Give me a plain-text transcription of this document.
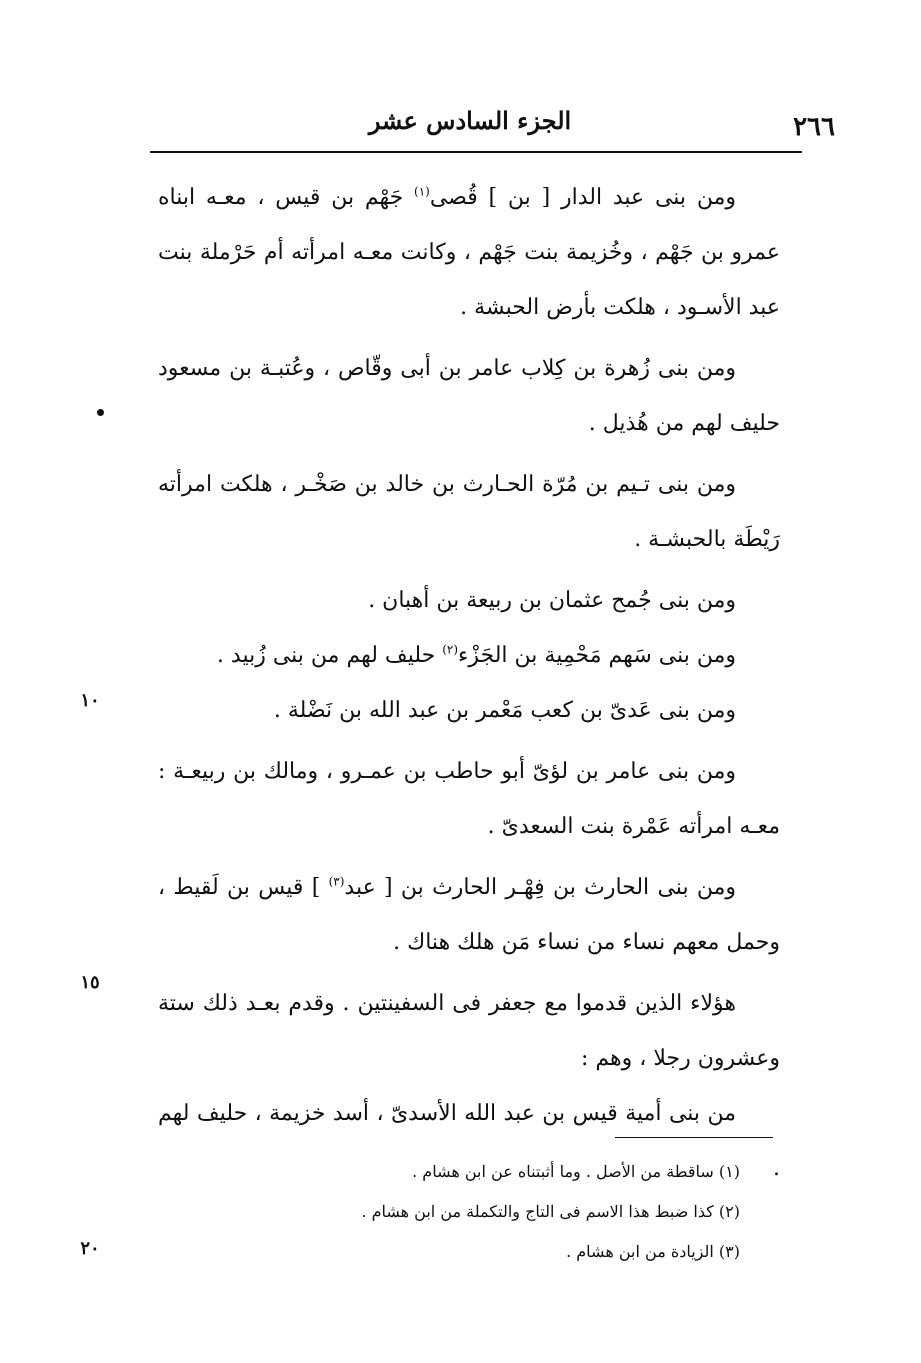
٢٦٦
الجزء السادس عشر

ومن بنى عبد الدار [ بن ] قُصى$^{(١)}$ جَهْم بن قيس ، معـه ابناه عمرو بن جَهْم ، وخُزيمة بنت جَهْم ، وكانت معـه امرأته أم حَرْملة بنت عبد الأسـود ، هلكت بأرض الحبشة .

ومن بنى زُهرة بن كِلاب عامر بن أبى وقّاص ، وعُتبـة بن مسعود حليف لهم من هُذيل .

ومن بنى تـيم بن مُرّة الحـارث بن خالد بن صَخْـر ، هلكت امرأته رَيْطَة بالحبشـة .

ومن بنى جُمح عثمان بن ربيعة بن أهبان .

ومن بنى سَهم مَحْمِية بن الجَزْء$^{(٢)}$ حليف لهم من بنى زُبيد .

ومن بنى عَدىّ بن كعب مَعْمر بن عبد الله بن نَضْلة .

ومن بنى عامر بن لؤىّ أبو حاطب بن عمـرو ، ومالك بن ربيعـة : معـه امرأته عَمْرة بنت السعدىّ .

ومن بنى الحارث بن فِهْـر الحارث بن [ عبد$^{(٣)}$ ] قيس بن لَقيط ، وحمل معهم نساء من نساء مَن هلك هناك .

هؤلاء الذين قدموا مع جعفر فى السفينتين . وقدم بعـد ذلك ستة وعشرون رجلا ، وهم :

من بنى أمية قيس بن عبد الله الأسدىّ ، أسد خزيمة ، حليف لهم .

١٠
١٥
٢٠

(١) ساقطة من الأصل . وما أثبتناه عن ابن هشام .

(٢) كذا ضبط هذا الاسم فى التاج والتكملة من ابن هشام .

(٣) الزيادة من ابن هشام .
